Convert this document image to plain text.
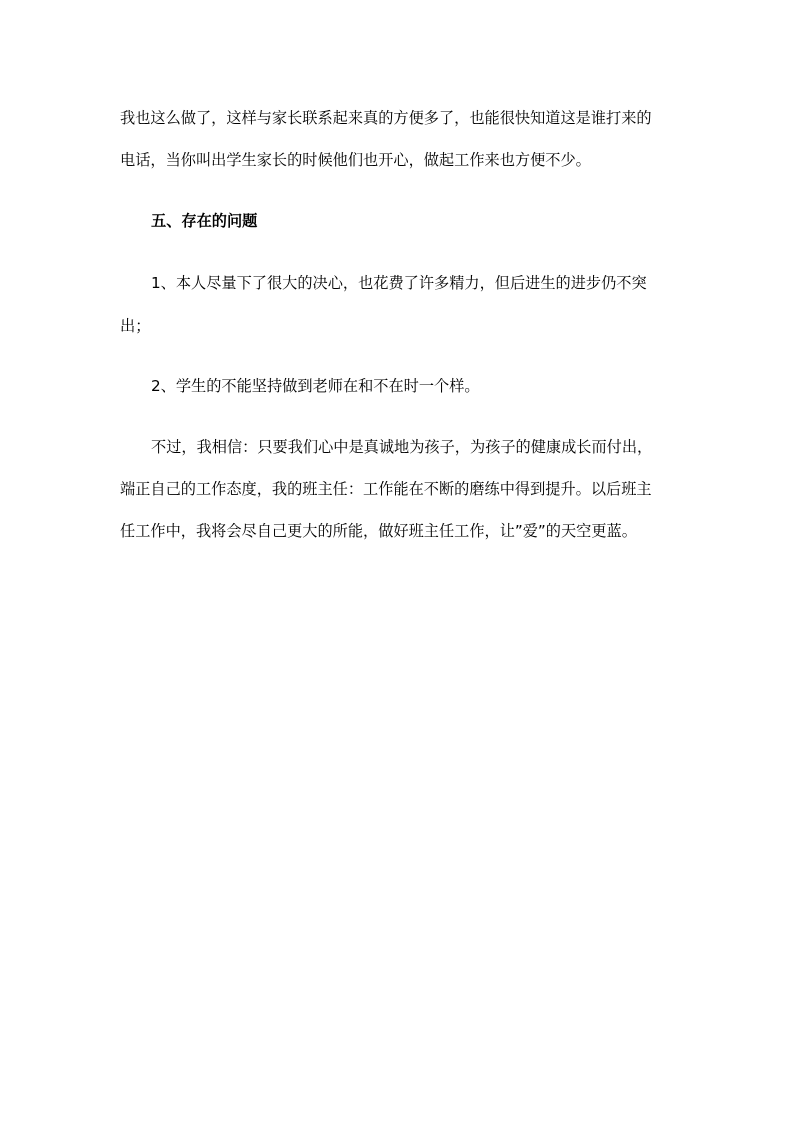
我也这么做了，这样与家长联系起来真的方便多了，也能很快知道这是谁打来的
电话，当你叫出学生家长的时候他们也开心，做起工作来也方便不少。
五、存在的问题
1、本人尽量下了很大的决心，也花费了许多精力，但后进生的进步仍不突
出；
2、学生的不能坚持做到老师在和不在时一个样。
不过，我相信：只要我们心中是真诚地为孩子，为孩子的健康成长而付出，
端正自己的工作态度，我的班主任：工作能在不断的磨练中得到提升。以后班主
任工作中，我将会尽自己更大的所能，做好班主任工作，让”爱”的天空更蓝。
